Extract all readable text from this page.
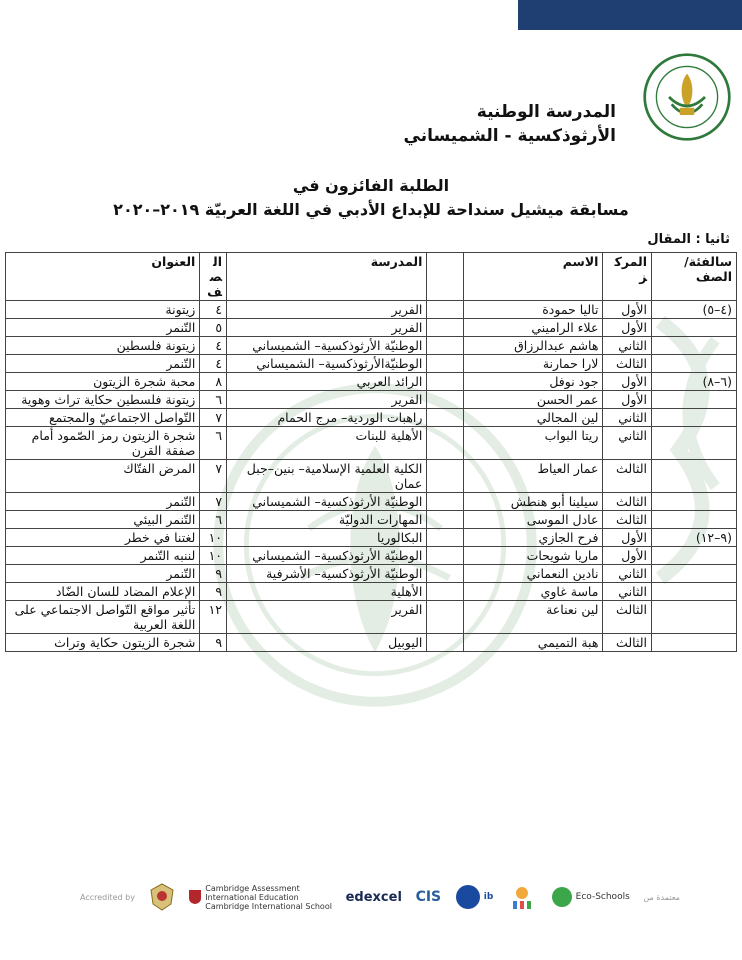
المدرسة الوطنية
الأرثوذكسية - الشميساني
الطلبة الفائزون في
مسابقة ميشيل سنداحة للإبداع الأدبي في اللغة العربيّة ٢٠١٩–٢٠٢٠
ثانيا : المقال
سالفئة/الصف	المركز	الاسم		المدرسة	الصف	العنوان
(٤–٥)	الأول	تاليا حمودة		الفرير	٤	زيتونة
	الأول	علاء الراميني		الفرير	٥	التّنمر
	الثاني	هاشم عبدالرزاق		الوطنيّة الأرثوذكسية– الشميساني	٤	زيتونة فلسطين
	الثالث	لارا حمارنة		الوطنيّةالأرثوذكسية– الشميساني	٤	التّنمر
(٦–٨)	الأول	جود نوفل		الرائد العربي	٨	محبة شجرة الزيتون
	الأول	عمر الحسن		الفرير	٦	زيتونة فلسطين حكاية تراث وهوية
	الثاني	لين المجالي		راهبات الوردية– مرج الحمام	٧	التّواصل الاجتماعيّ والمجتمع
	الثاني	ريتا البواب		الأهلية للبنات	٦	شجرة الزيتون رمز الصّمود أمام صفقة القرن
	الثالث	عمار العياط		الكلية العلمية الإسلامية– بنين–جبل عمان	٧	المرض الفتّاك
	الثالث	سيلينا أبو هنطش		الوطنيّة الأرثوذكسية– الشميساني	٧	التّنمر
	الثالث	عادل الموسى		المهارات الدوليّة	٦	التّنمر البيئي
(٩–١٢)	الأول	فرح الجازي		البكالوريا	١٠	لغتنا في خطر
	الأول	ماريا شويحات		الوطنيّة الأرثوذكسية– الشميساني	١٠	لننبه التّنمر
	الثاني	نادين النعماني		الوطنيّة الأرثوذكسية– الأشرفية	٩	التّنمر
	الثاني	ماسة غاوي		الأهلية	٩	الإعلام المضاد للسان الضّاد
	الثالث	لين نعناعة		الفرير	١٢	تأثير مواقع التّواصل الاجتماعي على اللغة العربية
	الثالث	هبة التميمي		اليوبيل	٩	شجرة الزيتون حكاية وتراث
Accredited by
Cambridge Assessment
International Education
Cambridge International School
edexcel CIS	ib	Eco-Schools معتمدة من
